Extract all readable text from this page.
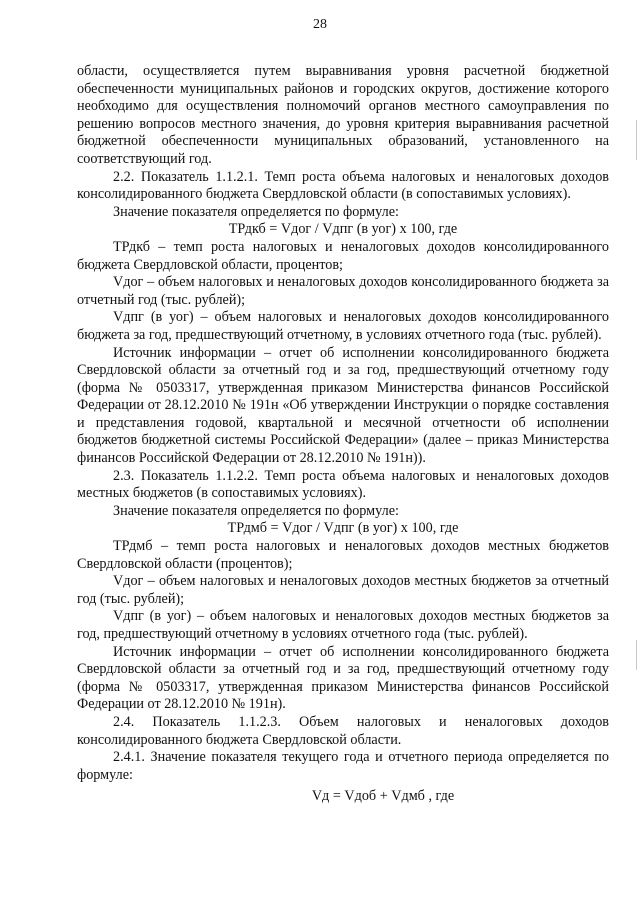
28

области, осуществляется путем выравнивания уровня расчетной бюджетной обеспеченности муниципальных районов и городских округов, достижение которого необходимо для осуществления полномочий органов местного самоуправления по решению вопросов местного значения, до уровня критерия выравнивания расчетной бюджетной обеспеченности муниципальных образований, установленного на соответствующий год.

2.2. Показатель 1.1.2.1. Темп роста объема налоговых и неналоговых доходов консолидированного бюджета Свердловской области (в сопоставимых условиях).

Значение показателя определяется по формуле:

ТРдкб = Vдог / Vдпг (в уог) х 100, где

ТРдкб – темп роста налоговых и неналоговых доходов консолидированного бюджета Свердловской области, процентов;

Vдог – объем налоговых и неналоговых доходов консолидированного бюджета за отчетный год (тыс. рублей);

Vдпг (в уог) – объем налоговых и неналоговых доходов консолидированного бюджета за год, предшествующий отчетному, в условиях отчетного года (тыс. рублей).

Источник информации – отчет об исполнении консолидированного бюджета Свердловской области за отчетный год и за год, предшествующий отчетному году (форма № 0503317, утвержденная приказом Министерства финансов Российской Федерации от 28.12.2010 № 191н «Об утверждении Инструкции о порядке составления и представления годовой, квартальной и месячной отчетности об исполнении бюджетов бюджетной системы Российской Федерации» (далее – приказ Министерства финансов Российской Федерации от 28.12.2010 № 191н)).

2.3. Показатель 1.1.2.2. Темп роста объема налоговых и неналоговых доходов местных бюджетов (в сопоставимых условиях).

Значение показателя определяется по формуле:

ТРдмб = Vдог / Vдпг (в уог) х 100, где

ТРдмб – темп роста налоговых и неналоговых доходов местных бюджетов Свердловской области (процентов);

Vдог – объем налоговых и неналоговых доходов местных бюджетов за отчетный год (тыс. рублей);

Vдпг (в уог) – объем налоговых и неналоговых доходов местных бюджетов за год, предшествующий отчетному в условиях отчетного года (тыс. рублей).

Источник информации – отчет об исполнении консолидированного бюджета Свердловской области за отчетный год и за год, предшествующий отчетному году (форма № 0503317, утвержденная приказом Министерства финансов Российской Федерации от 28.12.2010 № 191н).

2.4. Показатель 1.1.2.3. Объем налоговых и неналоговых доходов консолидированного бюджета Свердловской области.

2.4.1. Значение показателя текущего года и отчетного периода определяется по формуле:

Vд = Vдоб + Vдмб , где
